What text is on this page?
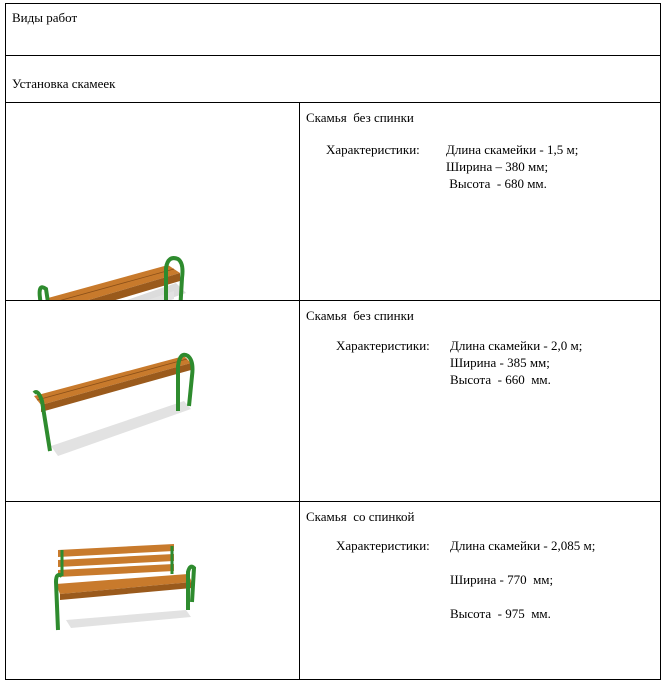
Виды работ
Установка скамеек
Скамья  без спинки
Характеристики: Длина скамейки - 1,5 м;
Ширина – 380 мм;
Высота  - 680 мм.
Скамья  без спинки
Характеристики: Длина скамейки - 2,0 м;
Ширина - 385 мм;
Высота  - 660  мм.
Скамья  со спинкой
Характеристики: Длина скамейки - 2,085 м;
Ширина - 770  мм;
Высота  - 975  мм.
